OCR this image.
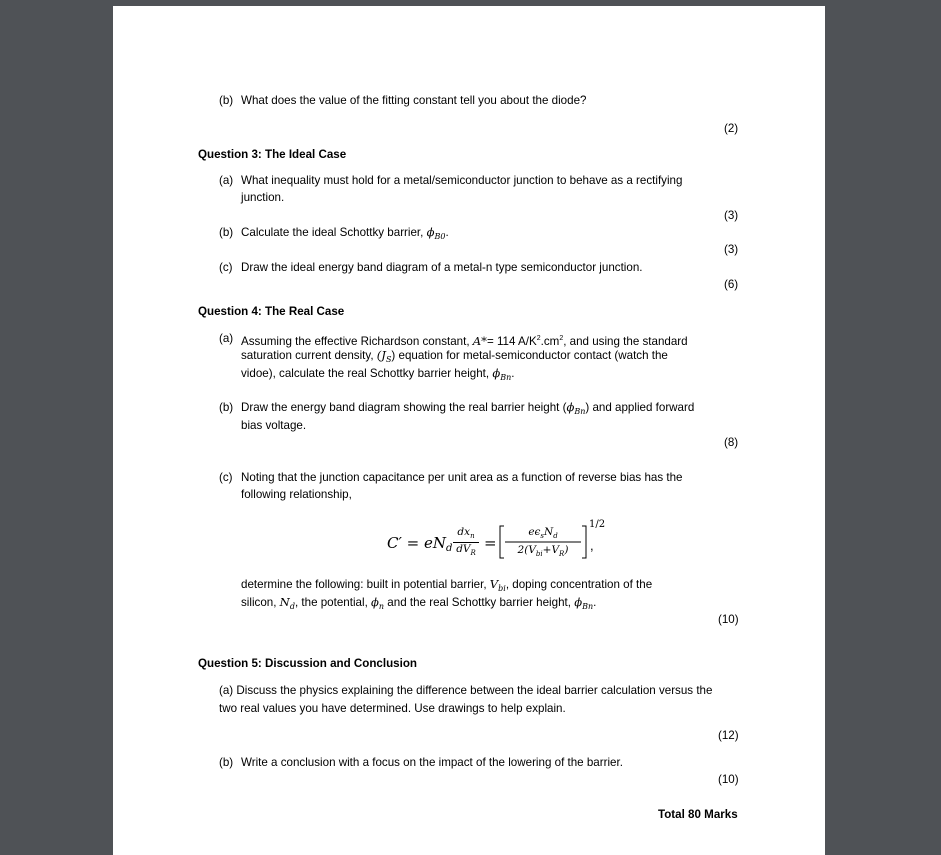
(b) What does the value of the fitting constant tell you about the diode?
(2)
Question 3: The Ideal Case
(a) What inequality must hold for a metal/semiconductor junction to behave as a rectifying
junction.
(3)
(b) Calculate the ideal Schottky barrier, $\phi_{B0}$.
(3)
(c) Draw the ideal energy band diagram of a metal-n type semiconductor junction.
(6)
Question 4: The Real Case
(a) Assuming the effective Richardson constant, A*= 114 $A/K^2.cm^2$, and using the standard
saturation current density, $(J_S)$ equation for metal-semiconductor contact (watch the
vidoe), calculate the real Schottky barrier height, $\phi_{Bn}$.
(b) Draw the energy band diagram showing the real barrier height $(\phi_{Bn})$ and applied forward
bias voltage.
(8)
(c) Noting that the junction capacitance per unit area as a function of reverse bias has the
following relationship,
$C' = eN_d$
$dx_n$
$dV_R$
=
$e\epsilon_sN_d$
$2(V_{bi}+V_R)$
1/2
,
determine the following: built in potential barrier, $V_{bi}$, doping concentration of the
silicon, $N_d$, the potential, $\phi_n$ and the real Schottky barrier height, $\phi_{Bn}$.
(10)
Question 5: Discussion and Conclusion
(a) Discuss the physics explaining the difference between the ideal barrier calculation versus the
two real values you have determined. Use drawings to help explain.
(12)
(b) Write a conclusion with a focus on the impact of the lowering of the barrier.
(10)
Total 80 Marks
